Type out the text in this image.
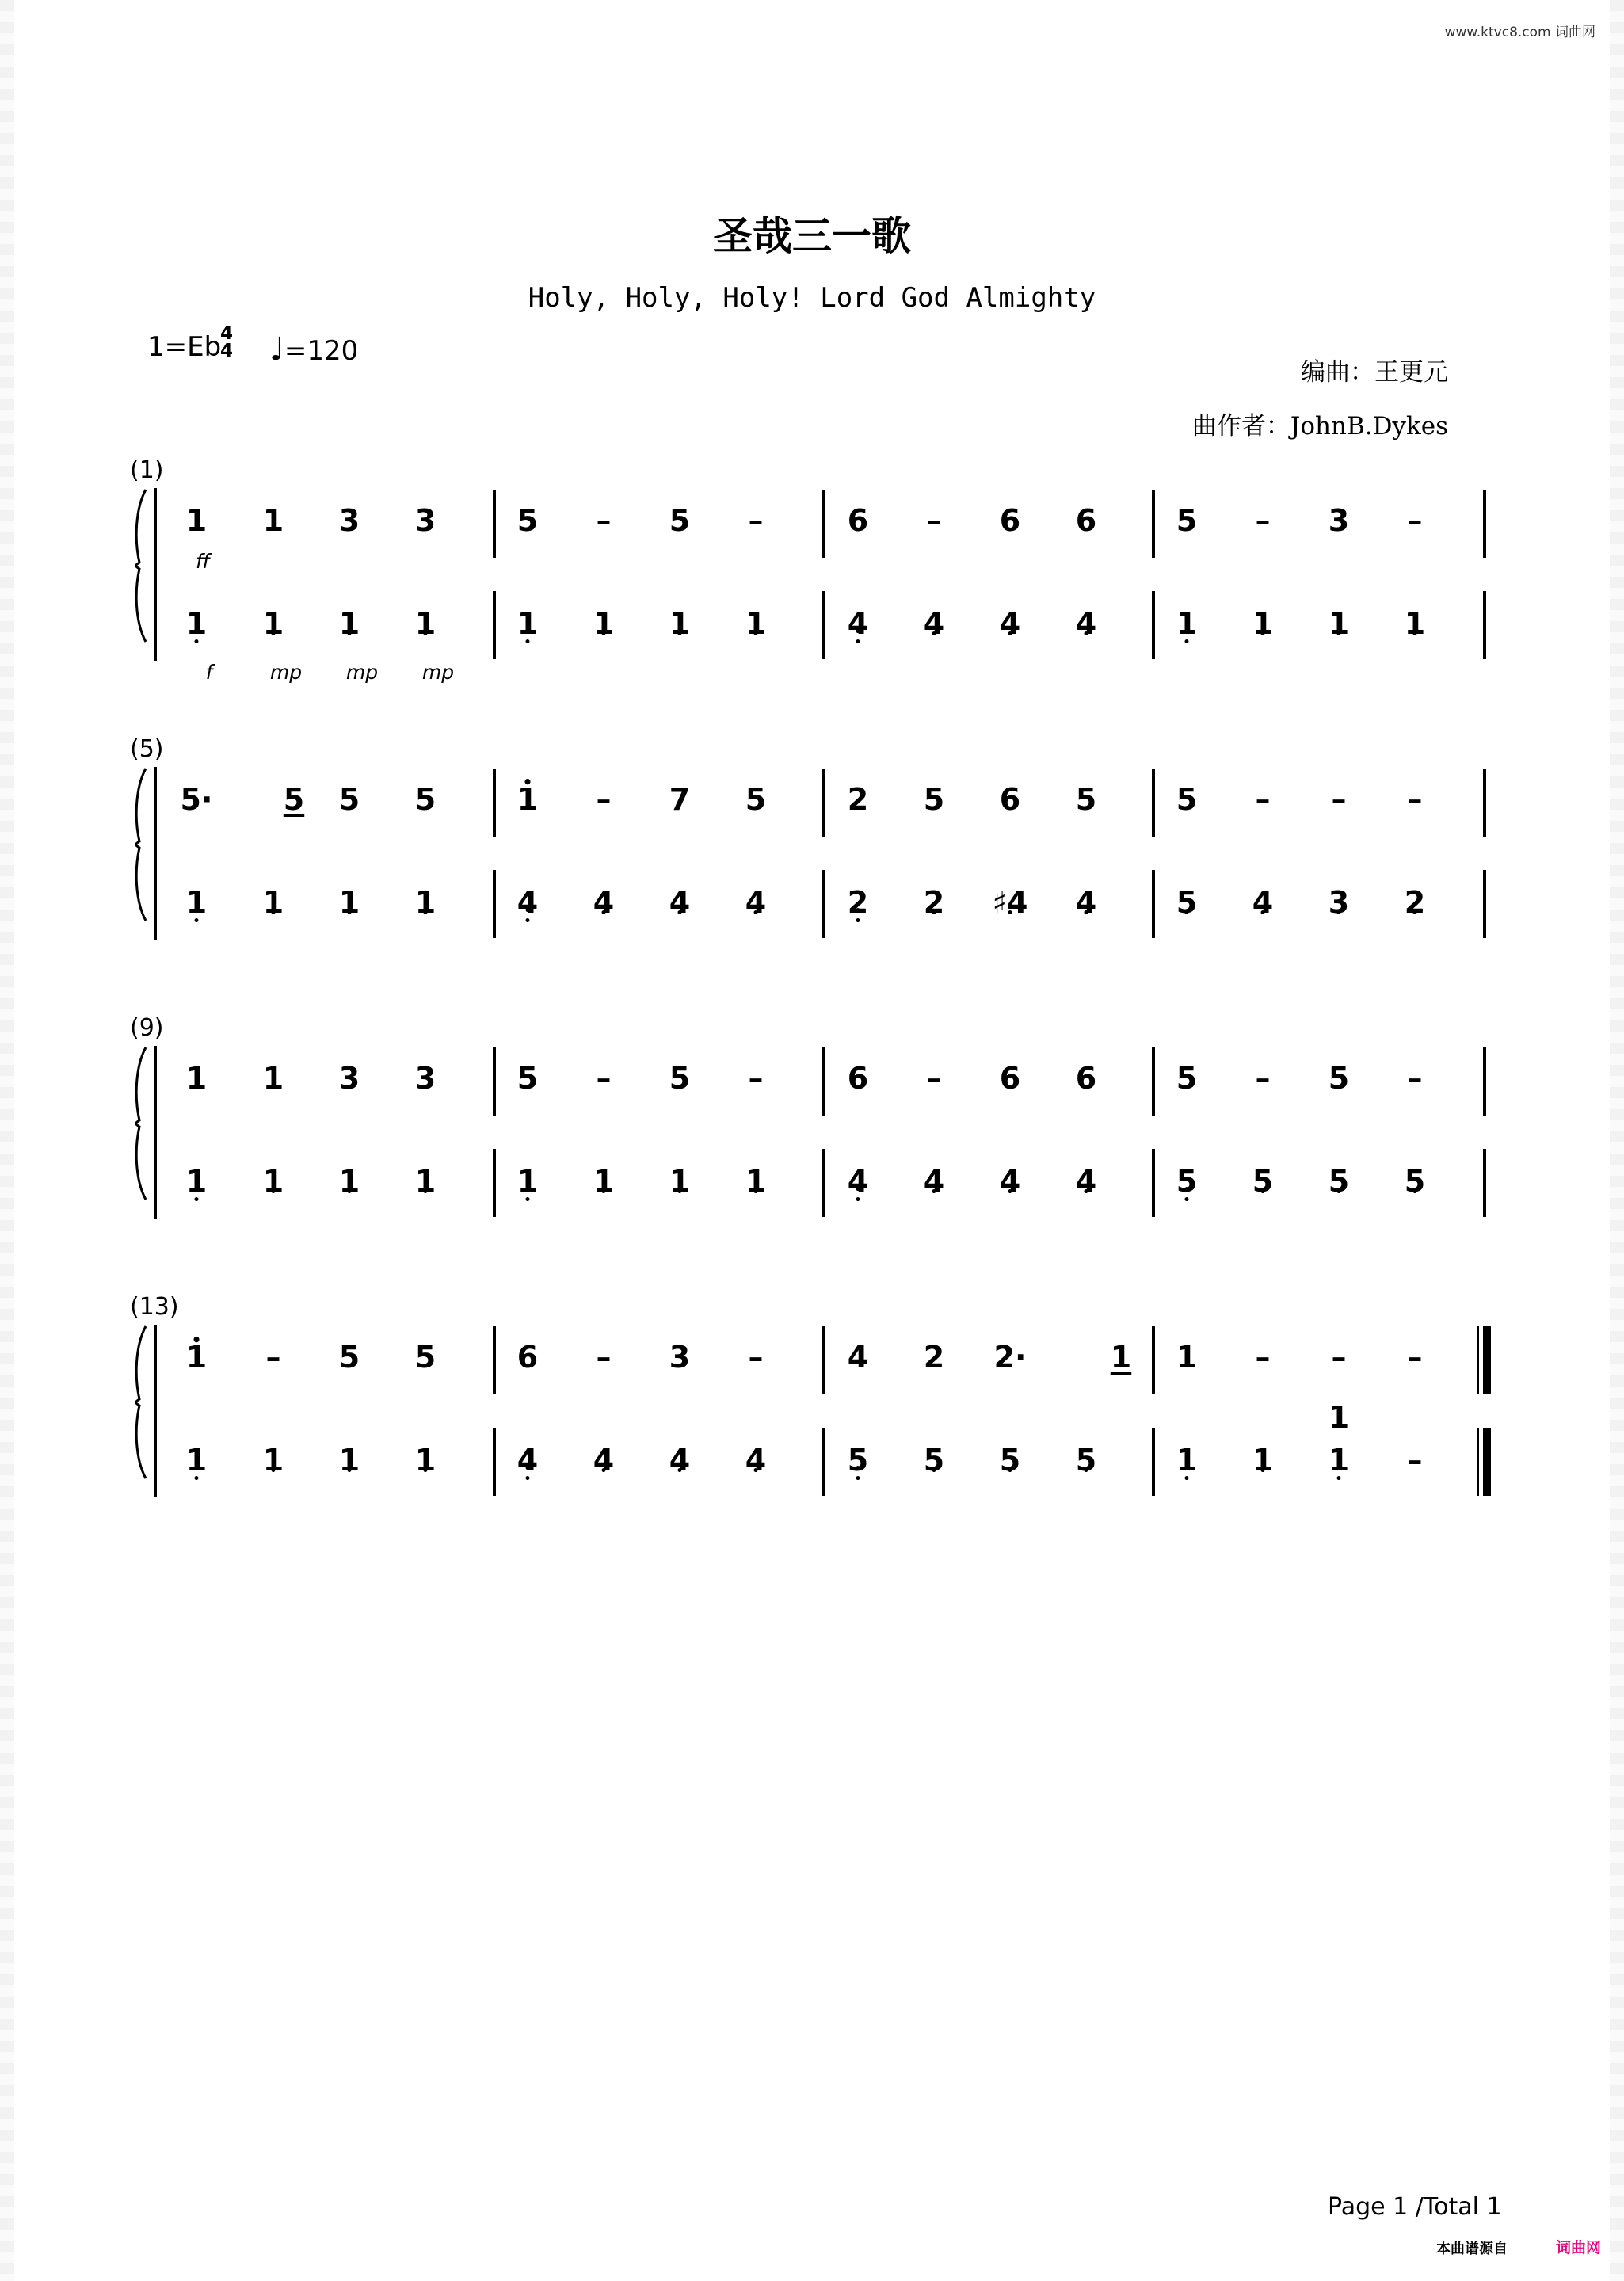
www.ktvc8.com 词曲网
圣哉三一歌
Holy, Holy, Holy! Lord God Almighty
1=Eb
4
4 ♩=120
编曲：王更元
曲作者：JohnB.Dykes
(1)
1	1	3	3	5	–	5	–	6	–	6	6	5	–	3	–
1 • •	1 •	1 •	1 •	1 • •	1 •	1 •	1 •	4 • •	4 •	4 •	4 •	1 • •	1 •	1 •	1 •
ff
f	mp	mp	mp
(5)
5·	5	5	5
•	1	–	7	5	2	5	6	5	5	–	–	–
1 • •	1 •	1 •	1 •	4 • •	4 •	4 •	4 •	2 • •	2 •	♯4 •	4 •	5 •	4 •	3 •	2 •
(9)
1	1	3	3	5	–	5	–	6	–	6	6	5	–	5	–
1 • •	1 •	1 •	1 •	1 • •	1 •	1 •	1 •	4 • •	4 •	4 •	4 •	5 • •	5 •	5 •	5 •
(13)
• 1	–	5	5	6	–	3	–	4	2	2·	1	1	–	–	–
1 • •	1 •	1 •	1 •	4 • •	4 •	4 •	4 •	5 • •	5 •	5 •	5 •	1 • •	1 •	1 • •
1
–
Page 1 /Total 1
本曲谱源自	词曲网
